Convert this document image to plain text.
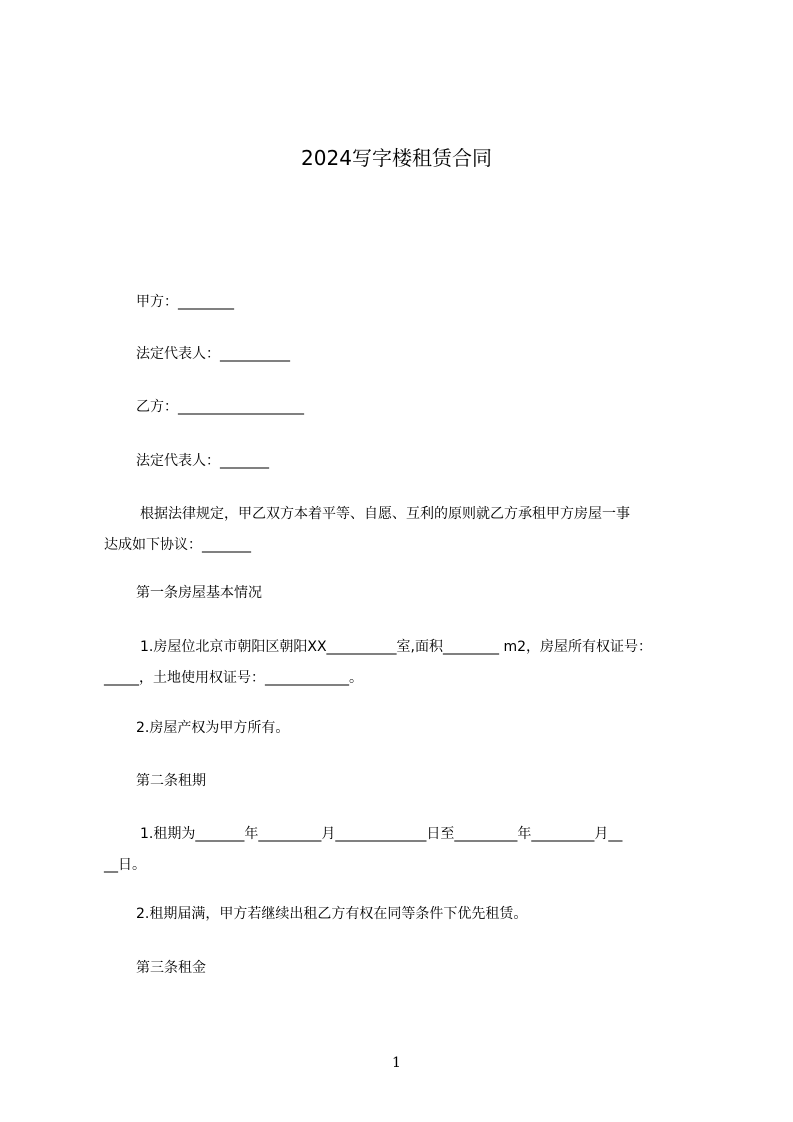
2024写字楼租赁合同
甲方：________
法定代表人：__________
乙方：__________________
法定代表人：_______
根据法律规定，甲乙双方本着平等、自愿、互利的原则就乙方承租甲方房屋一事
达成如下协议：_______
第一条房屋基本情况
1.房屋位北京市朝阳区朝阳XX__________室,面积________ m2，房屋所有权证号：
_____，土地使用权证号：____________。
2.房屋产权为甲方所有。
第二条租期
1.租期为_______年_________月_____________日至_________年_________月__
__日。
2.租期届满，甲方若继续出租乙方有权在同等条件下优先租赁。
第三条租金
1
